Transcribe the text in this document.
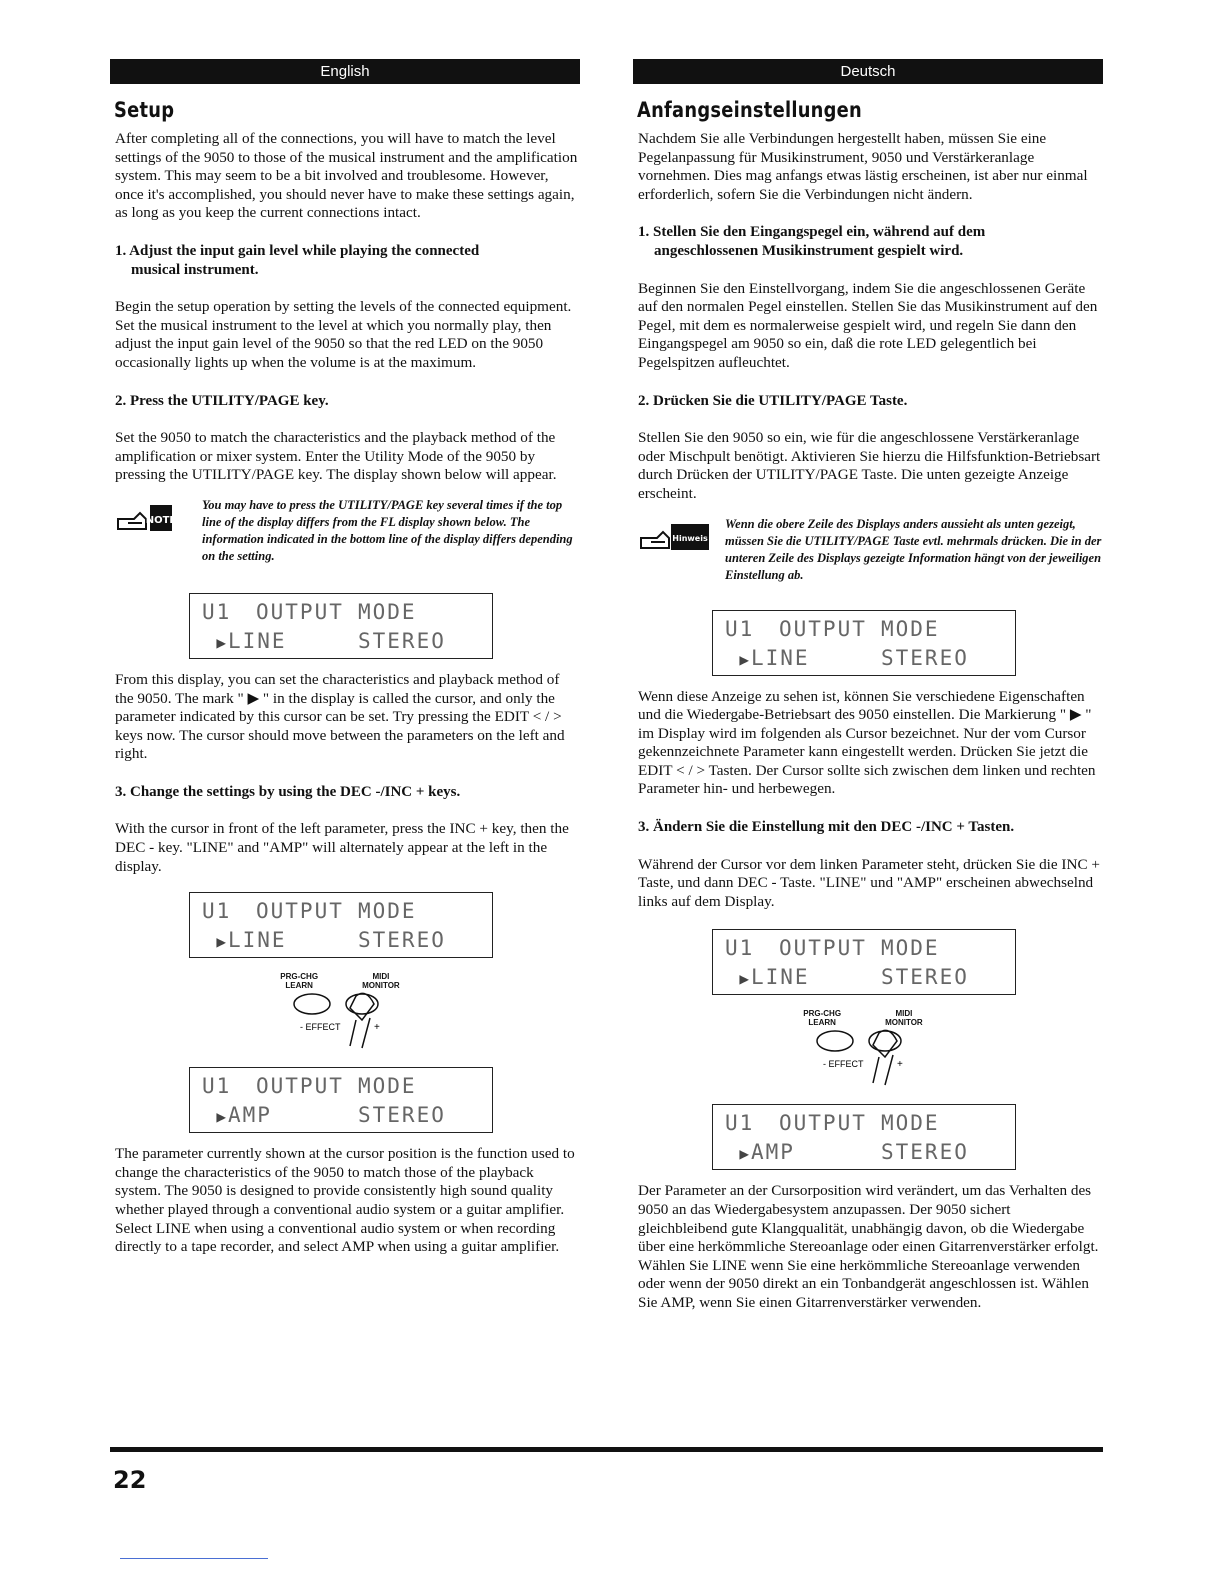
English
Setup

After completing all of the connections, you will have to match the level settings of the 9050 to those of the musical instrument and the amplification system. This may seem to be a bit involved and troublesome. However, once it's accomplished, you should never have to make these settings again, as long as you keep the current connections intact.

1. Adjust the input gain level while playing the connected
musical instrument.

Begin the setup operation by setting the levels of the connected equipment. Set the musical instrument to the level at which you normally play, then adjust the input gain level of the 9050 so that the red LED on the 9050 occasionally lights up when the volume is at the maximum.

2. Press the UTILITY/PAGE key.

Set the 9050 to match the characteristics and the playback method of the amplification or mixer system. Enter the Utility Mode of the 9050 by pressing the UTILITY/PAGE key. The display shown below will appear.

NOTE
You may have to press the UTILITY/PAGE key several times if the top line of the display differs from the FL display shown below. The information indicated in the bottom line of the display differs depending on the setting.
U1 OUTPUT MODE
▶LINE	STEREO

From this display, you can set the characteristics and playback method of the 9050. The mark " ▶ " in the display is called the cursor, and only the parameter indicated by this cursor can be set. Try pressing the EDIT < / > keys now. The cursor should move between the parameters on the left and right.

3. Change the settings by using the DEC -/INC + keys.

With the cursor in front of the left parameter, press the INC + key, then the DEC - key. "LINE" and "AMP" will alternately appear at the left in the display.

U1 OUTPUT MODE
▶LINE	STEREO
PRG-CHG
LEARN
MIDI
MONITOR
- EFFECT	+
U1 OUTPUT MODE
▶AMP	STEREO

The parameter currently shown at the cursor position is the function used to change the characteristics of the 9050 to match those of the playback system. The 9050 is designed to provide consistently high sound quality whether played through a conventional audio system or a guitar amplifier.

Select LINE when using a conventional audio system or when recording directly to a tape recorder, and select AMP when using a guitar amplifier.

Deutsch
Anfangseinstellungen

Nachdem Sie alle Verbindungen hergestellt haben, müssen Sie eine Pegelanpassung für Musikinstrument, 9050 und Verstärkeranlage vornehmen. Dies mag anfangs etwas lästig erscheinen, ist aber nur einmal erforderlich, sofern Sie die Verbindungen nicht ändern.

1. Stellen Sie den Eingangspegel ein, während auf dem
angeschlossenen Musikinstrument gespielt wird.

Beginnen Sie den Einstellvorgang, indem Sie die angeschlossenen Geräte auf den normalen Pegel einstellen. Stellen Sie das Musikinstrument auf den Pegel, mit dem es normalerweise gespielt wird, und regeln Sie dann den Eingangspegel am 9050 so ein, daß die rote LED gelegentlich bei Pegelspitzen aufleuchtet.

2. Drücken Sie die UTILITY/PAGE Taste.

Stellen Sie den 9050 so ein, wie für die angeschlossene Verstärkeranlage oder Mischpult benötigt. Aktivieren Sie hierzu die Hilfsfunktion-Betriebsart durch Drücken der UTILITY/PAGE Taste. Die unten gezeigte Anzeige erscheint.

Hinweis
Wenn die obere Zeile des Displays anders aussieht als unten gezeigt, müssen Sie die UTILITY/PAGE Taste evtl. mehrmals drücken. Die in der unteren Zeile des Displays gezeigte Information hängt von der jeweiligen Einstellung ab.
U1 OUTPUT MODE
▶LINE	STEREO

Wenn diese Anzeige zu sehen ist, können Sie verschiedene Eigenschaften und die Wiedergabe-Betriebsart des 9050 einstellen. Die Markierung " ▶ " im Display wird im folgenden als Cursor bezeichnet. Nur der vom Cursor gekennzeichnete Parameter kann eingestellt werden. Drücken Sie jetzt die EDIT < / > Tasten. Der Cursor sollte sich zwischen dem linken und rechten Parameter hin- und herbewegen.

3. Ändern Sie die Einstellung mit den DEC -/INC + Tasten.

Während der Cursor vor dem linken Parameter steht, drücken Sie die INC + Taste, und dann DEC - Taste. "LINE" und "AMP" erscheinen abwechselnd links auf dem Display.

U1 OUTPUT MODE
▶LINE	STEREO
PRG-CHG
LEARN
MIDI
MONITOR
- EFFECT	+
U1 OUTPUT MODE
▶AMP	STEREO

Der Parameter an der Cursorposition wird verändert, um das Verhalten des 9050 an das Wiedergabesystem anzupassen. Der 9050 sichert gleichbleibend gute Klangqualität, unabhängig davon, ob die Wiedergabe über eine herkömmliche Stereoanlage oder einen Gitarrenverstärker erfolgt.

Wählen Sie LINE wenn Sie eine herkömmliche Stereoanlage verwenden oder wenn der 9050 direkt an ein Tonbandgerät angeschlossen ist. Wählen Sie AMP, wenn Sie einen Gitarrenverstärker verwenden.

22
